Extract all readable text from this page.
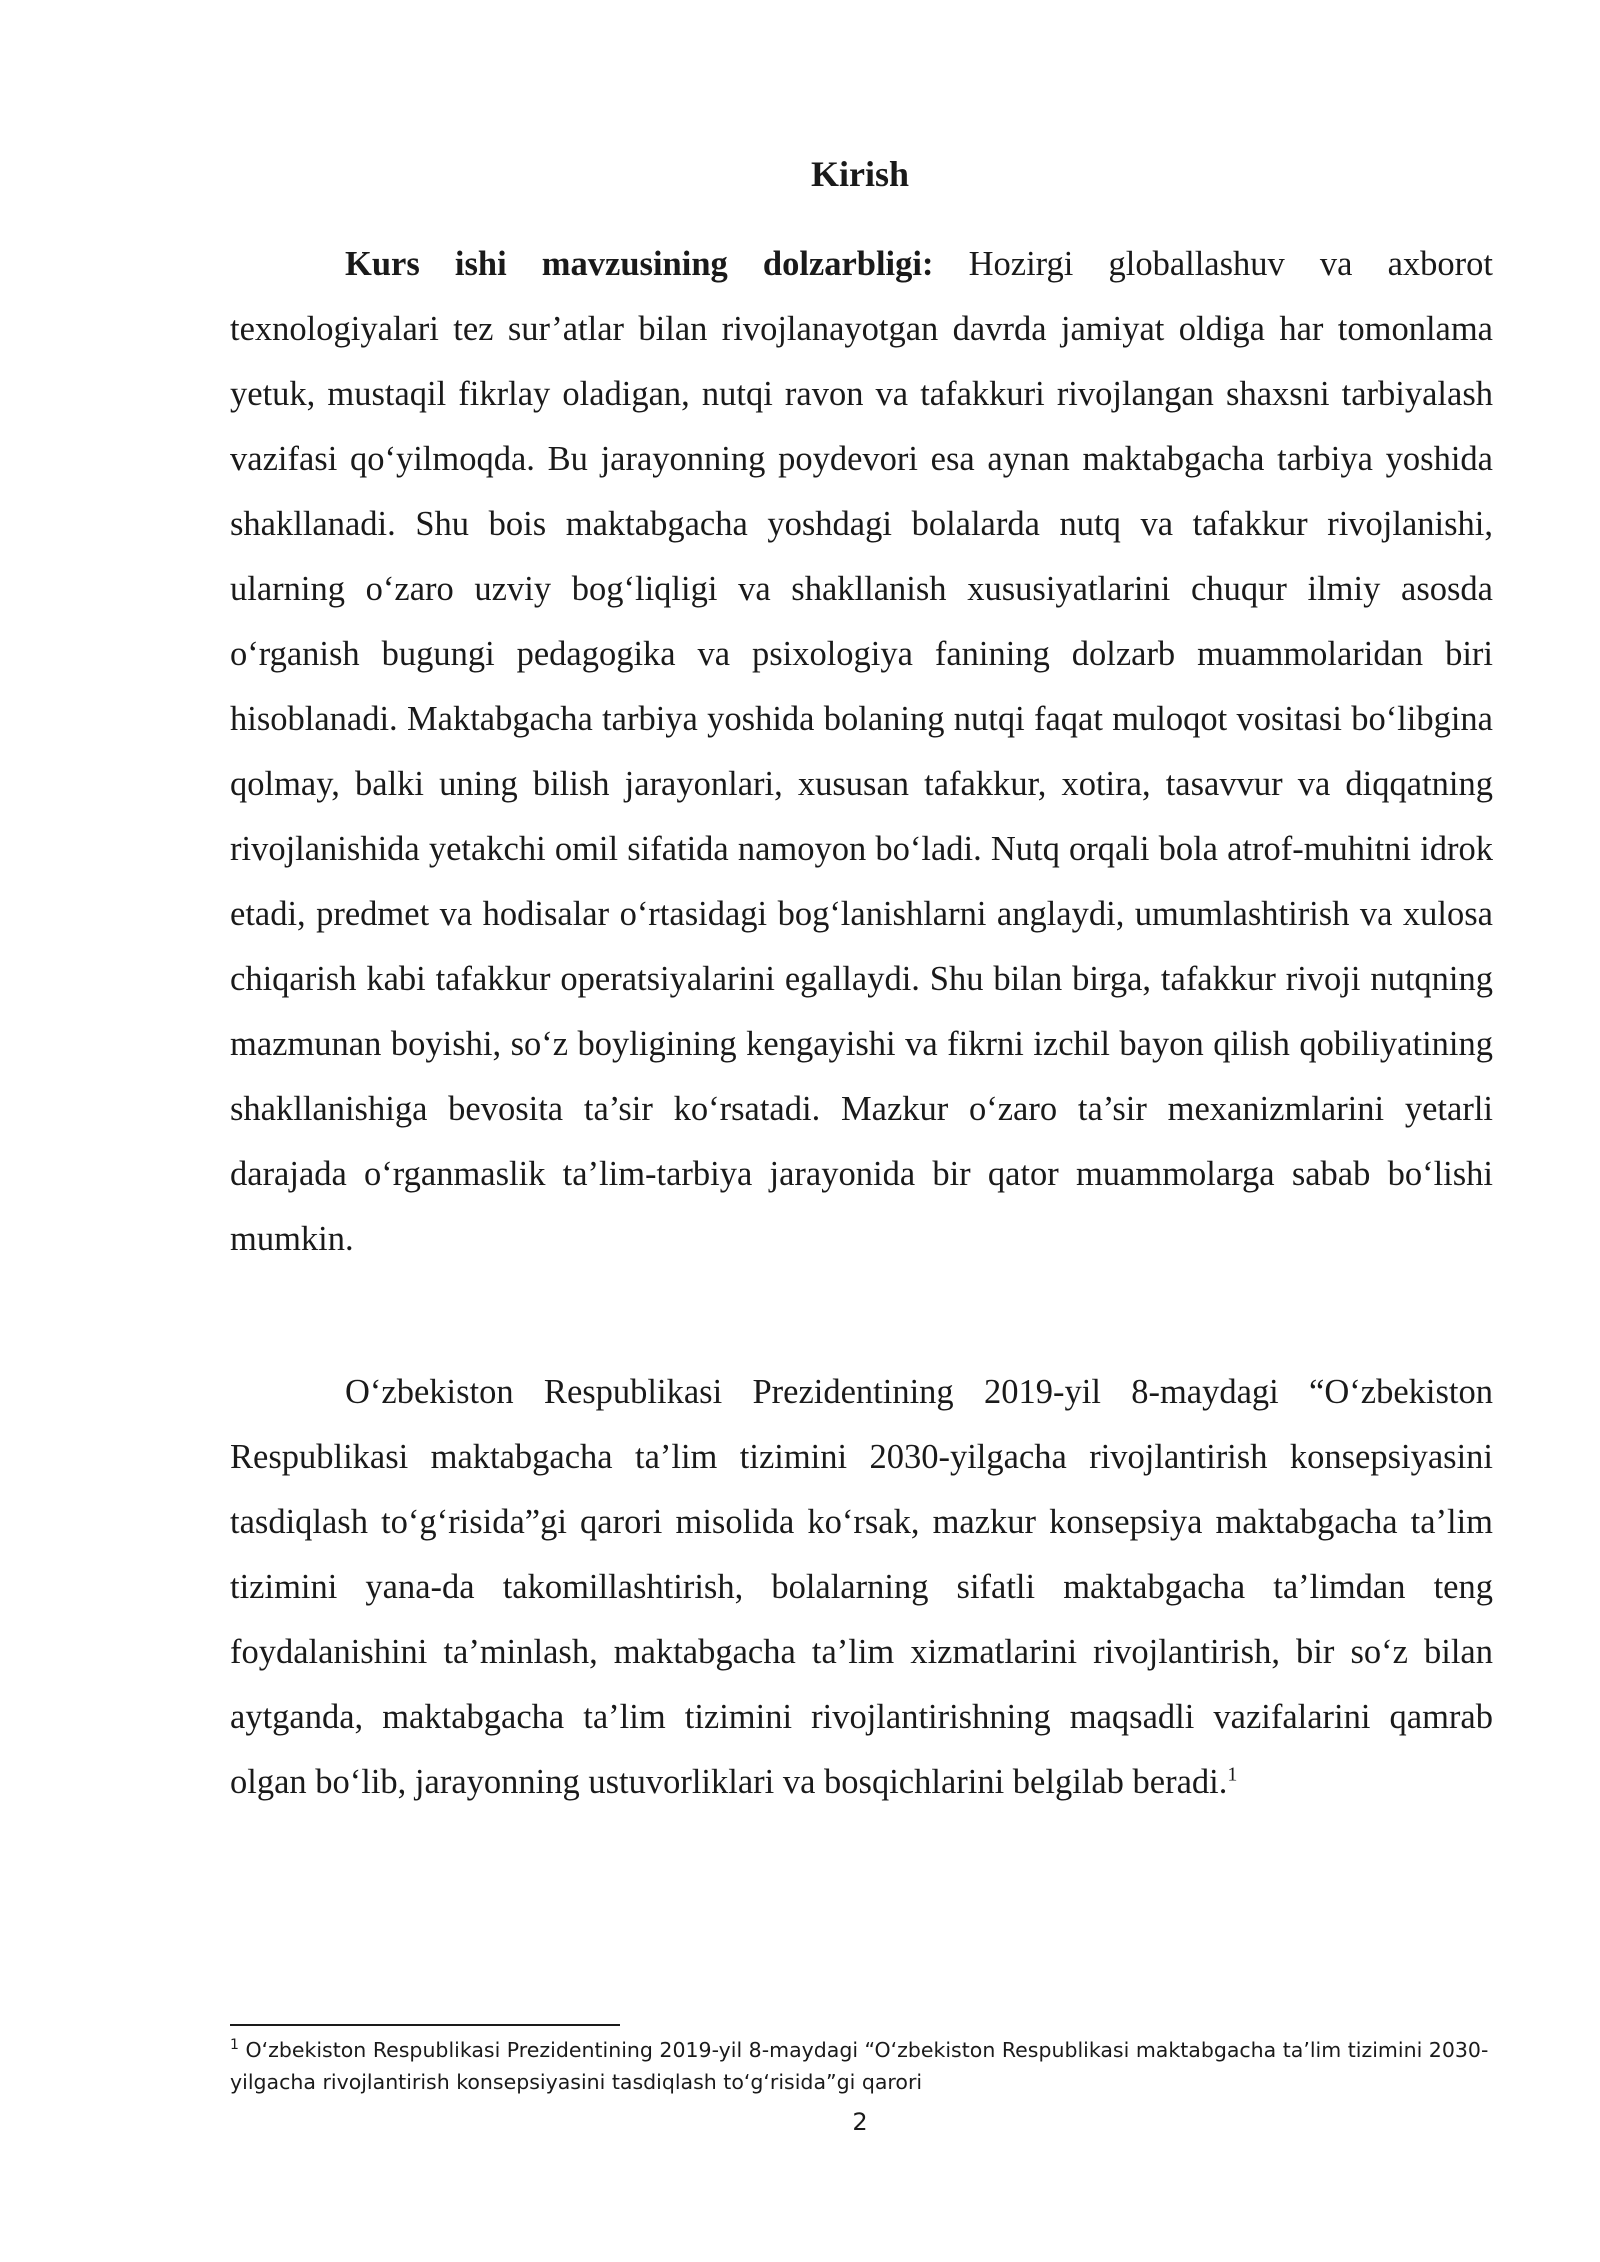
Kirish

Kurs ishi mavzusining dolzarbligi: Hozirgi globallashuv va axborot texnologiyalari tez sur’atlar bilan rivojlanayotgan davrda jamiyat oldiga har tomonlama yetuk, mustaqil fikrlay oladigan, nutqi ravon va tafakkuri rivojlangan shaxsni tarbiyalash vazifasi qo‘yilmoqda. Bu jarayonning poydevori esa aynan maktabgacha tarbiya yoshida shakllanadi. Shu bois maktabgacha yoshdagi bolalarda nutq va tafakkur rivojlanishi, ularning o‘zaro uzviy bog‘liqligi va shakllanish xususiyatlarini chuqur ilmiy asosda o‘rganish bugungi pedagogika va psixologiya fanining dolzarb muammolaridan biri hisoblanadi. Maktabgacha tarbiya yoshida bolaning nutqi faqat muloqot vositasi bo‘libgina qolmay, balki uning bilish jarayonlari, xususan tafakkur, xotira, tasavvur va diqqatning rivojlanishida yetakchi omil sifatida namoyon bo‘ladi. Nutq orqali bola atrof-muhitni idrok etadi, predmet va hodisalar o‘rtasidagi bog‘lanishlarni anglaydi, umumlashtirish va xulosa chiqarish kabi tafakkur operatsiyalarini egallaydi. Shu bilan birga, tafakkur rivoji nutqning mazmunan boyishi, so‘z boyligining kengayishi va fikrni izchil bayon qilish qobiliyatining shakllanishiga bevosita ta’sir ko‘rsatadi. Mazkur o‘zaro ta’sir mexanizmlarini yetarli darajada o‘rganmaslik ta’lim-tarbiya jarayonida bir qator muammolarga sabab bo‘lishi mumkin.

O‘zbekiston Respublikasi Prezidentining 2019-yil 8-maydagi “O‘zbekiston Respublikasi maktabgacha ta’lim tizimini 2030-yilgacha rivojlantirish konsepsiyasini tasdiqlash to‘g‘risida”gi qarori misolida ko‘rsak, mazkur konsepsiya maktabgacha ta’lim tizimini yana-da takomillashtirish, bolalarning sifatli maktabgacha ta’limdan teng foydalanishini ta’minlash, maktabgacha ta’lim xizmatlarini rivojlantirish, bir so‘z bilan aytganda, maktabgacha ta’lim tizimini rivojlantirishning maqsadli vazifalarini qamrab olgan bo‘lib, jarayonning ustuvorliklari va bosqichlarini belgilab beradi.$^1$

$^1$ O‘zbekiston Respublikasi Prezidentining 2019-yil 8-maydagi “O‘zbekiston Respublikasi maktabgacha ta’lim tizimini 2030-yilgacha rivojlantirish konsepsiyasini tasdiqlash to‘g‘risida”gi qarori

2
